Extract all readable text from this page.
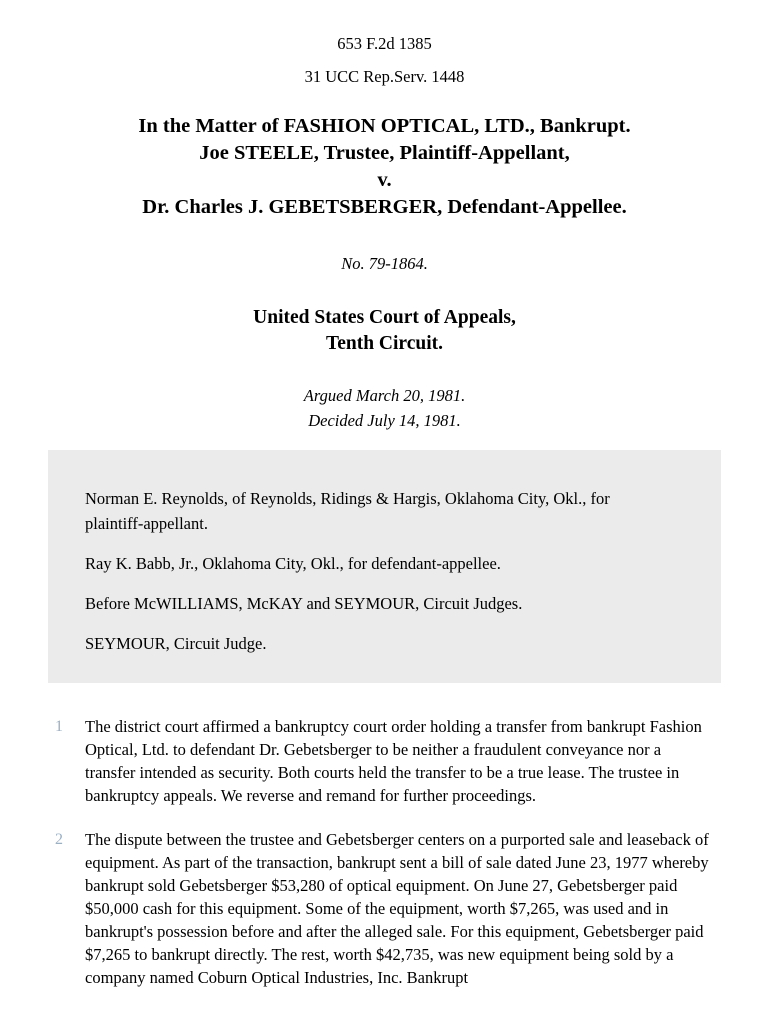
653 F.2d 1385
31 UCC Rep.Serv. 1448
In the Matter of FASHION OPTICAL, LTD., Bankrupt.
Joe STEELE, Trustee, Plaintiff-Appellant,
v.
Dr. Charles J. GEBETSBERGER, Defendant-Appellee.
No. 79-1864.
United States Court of Appeals,
Tenth Circuit.
Argued March 20, 1981.
Decided July 14, 1981.

Norman E. Reynolds, of Reynolds, Ridings & Hargis, Oklahoma City, Okl., for plaintiff-appellant.

Ray K. Babb, Jr., Oklahoma City, Okl., for defendant-appellee.

Before McWILLIAMS, McKAY and SEYMOUR, Circuit Judges.

SEYMOUR, Circuit Judge.

1	The district court affirmed a bankruptcy court order holding a transfer from bankrupt Fashion Optical, Ltd. to defendant Dr. Gebetsberger to be neither a fraudulent conveyance nor a transfer intended as security. Both courts held the transfer to be a true lease. The trustee in bankruptcy appeals. We reverse and remand for further proceedings.

2	The dispute between the trustee and Gebetsberger centers on a purported sale and leaseback of equipment. As part of the transaction, bankrupt sent a bill of sale dated June 23, 1977 whereby bankrupt sold Gebetsberger $53,280 of optical equipment. On June 27, Gebetsberger paid $50,000 cash for this equipment. Some of the equipment, worth $7,265, was used and in bankrupt's possession before and after the alleged sale. For this equipment, Gebetsberger paid $7,265 to bankrupt directly. The rest, worth $42,735, was new equipment being sold by a company named Coburn Optical Industries, Inc. Bankrupt
